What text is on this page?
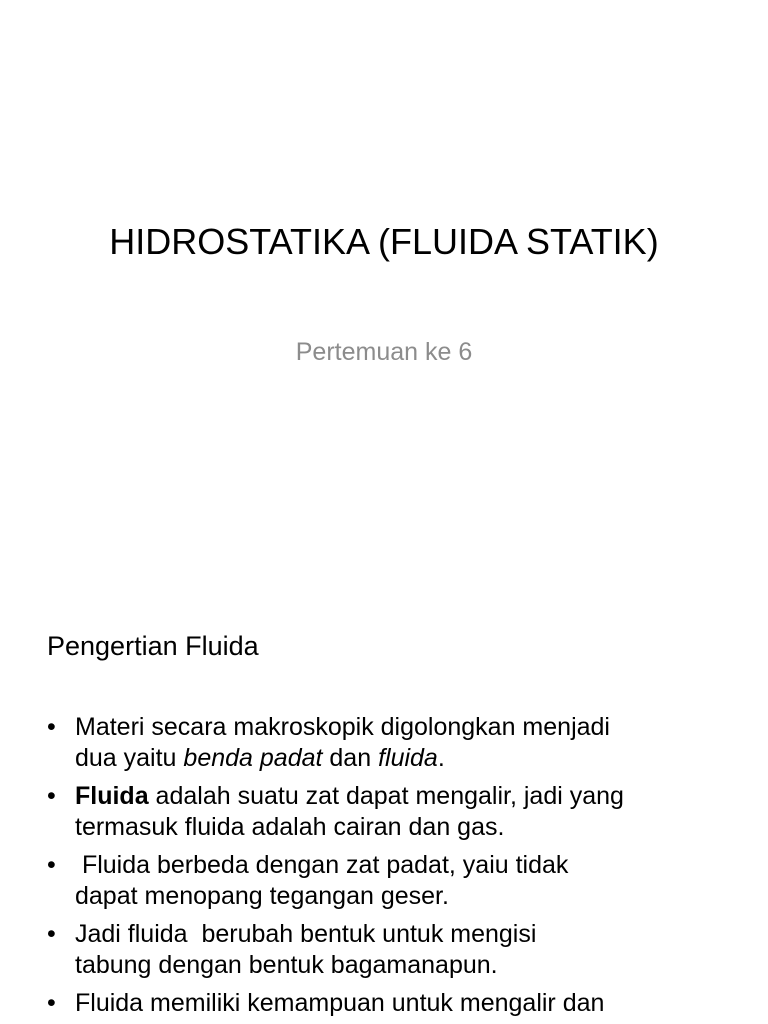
HIDROSTATIKA (FLUIDA STATIK)
Pertemuan ke 6
Pengertian Fluida
• Materi secara makroskopik digolongkan menjadi
dua yaitu benda padat dan fluida.
• Fluida adalah suatu zat dapat mengalir, jadi yang
termasuk fluida adalah cairan dan gas.
• Fluida berbeda dengan zat padat, yaiu tidak
dapat menopang tegangan geser.
• Jadi fluida  berubah bentuk untuk mengisi
tabung dengan bentuk bagamanapun.
• Fluida memiliki kemampuan untuk mengalir dan
